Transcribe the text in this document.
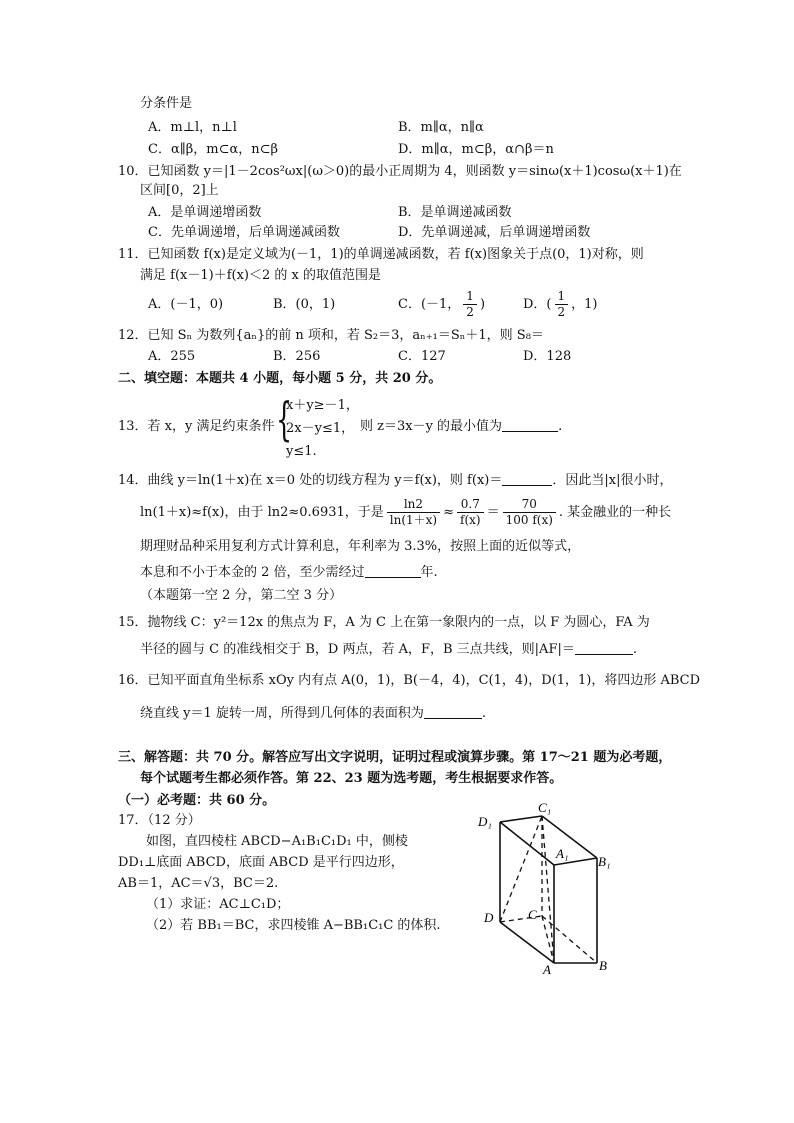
分条件是
A．m⊥l，n⊥l	B．m∥α，n∥α
C．α∥β，m⊂α，n⊂β	D．m∥α，m⊂β，α∩β＝n
10．已知函数 y＝|1－2cos²ωx|(ω＞0)的最小正周期为 4，则函数 y＝sinω(x＋1)cosω(x＋1)在
区间[0，2]上
A．是单调递增函数	B．是单调递减函数
C．先单调递增，后单调递减函数	D．先单调递减，后单调递增函数
11．已知函数 f(x)是定义域为(－1，1)的单调递减函数，若 f(x)图象关于点(0，1)对称，则
满足 f(x－1)＋f(x)＜2 的 x 的取值范围是
A．(－1，0)	B．(0，1)	C．(－1， $\frac{1}{2}$ )	D．( $\frac{1}{2}$ ，1)
12．已知 Sₙ 为数列{aₙ}的前 n 项和，若 S₂＝3，aₙ₊₁＝Sₙ＋1，则 S₈＝
A．255	B．256	C．127	D．128
二、填空题：本题共 4 小题，每小题 5 分，共 20 分。
13．若 x，y 满足约束条件 {
x＋y≥－1，
2x－y≤1，
y≤1.
则 z＝3x－y 的最小值为	.
14．曲线 y＝ln(1＋x)在 x＝0 处的切线方程为 y＝f(x)，则 f(x)＝	．因此当|x|很小时，
ln(1＋x)≈f(x)，由于 ln2≈0.6931，于是 $\frac{\ln 2}{\ln(1+x)} \approx \frac{0.7}{f(x)} = \frac{70}{100 f(x)}$ . 某金融业的一种长
期理财品种采用复利方式计算利息，年利率为 3.3%，按照上面的近似等式，
本息和不小于本金的 2 倍，至少需经过	年.
（本题第一空 2 分，第二空 3 分）
15．抛物线 C：y²＝12x 的焦点为 F，A 为 C 上在第一象限内的一点，以 F 为圆心，FA 为
半径的圆与 C 的准线相交于 B，D 两点，若 A，F，B 三点共线，则|AF|＝	.
16．已知平面直角坐标系 xOy 内有点 A(0，1)，B(－4，4)，C(1，4)，D(1，1)，将四边形 ABCD
绕直线 y＝1 旋转一周，所得到几何体的表面积为	.
三、解答题：共 70 分。解答应写出文字说明，证明过程或演算步骤。第 17～21 题为必考题，
每个试题考生都必须作答。第 22、23 题为选考题，考生根据要求作答。
（一）必考题：共 60 分。
17．（12 分）
如图，直四棱柱 ABCD−A₁B₁C₁D₁ 中，侧棱
DD₁⊥底面 ABCD，底面 ABCD 是平行四边形，
AB＝1，AC＝√3，BC＝2.
（1）求证：AC⊥C₁D；
（2）若 BB₁＝BC，求四棱锥 A−BB₁C₁C 的体积.
D₁
C₁
A₁
B₁
D	C
A	B
